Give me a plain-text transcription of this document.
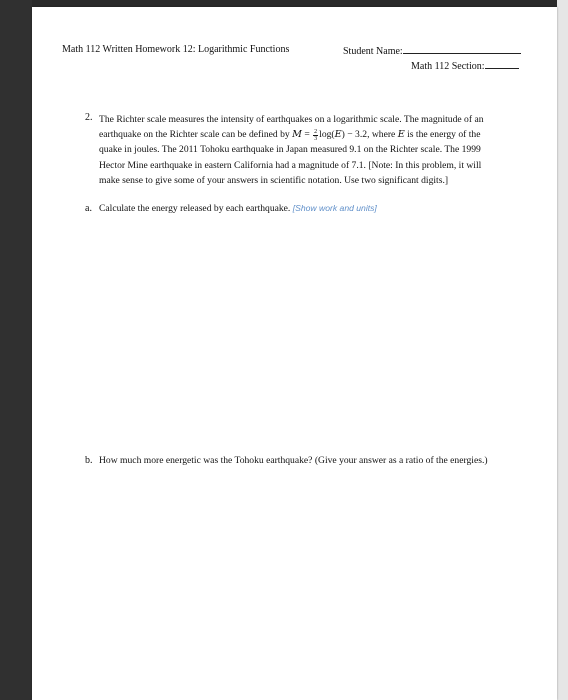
Math 112 Written Homework 12: Logarithmic Functions	Student Name:
Math 112 Section:
2. The Richter scale measures the intensity of earthquakes on a logarithmic scale. The magnitude of an
earthquake on the Richter scale can be defined by $M = \frac{2}{3} \log(E) - 3.2$, where E is the energy of the
quake in joules. The 2011 Tohoku earthquake in Japan measured 9.1 on the Richter scale. The 1999
Hector Mine earthquake in eastern California had a magnitude of 7.1. [Note: In this problem, it will
make sense to give some of your answers in scientific notation. Use two significant digits.]
a. Calculate the energy released by each earthquake. [Show work and units]
b. How much more energetic was the Tohoku earthquake? (Give your answer as a ratio of the energies.)
